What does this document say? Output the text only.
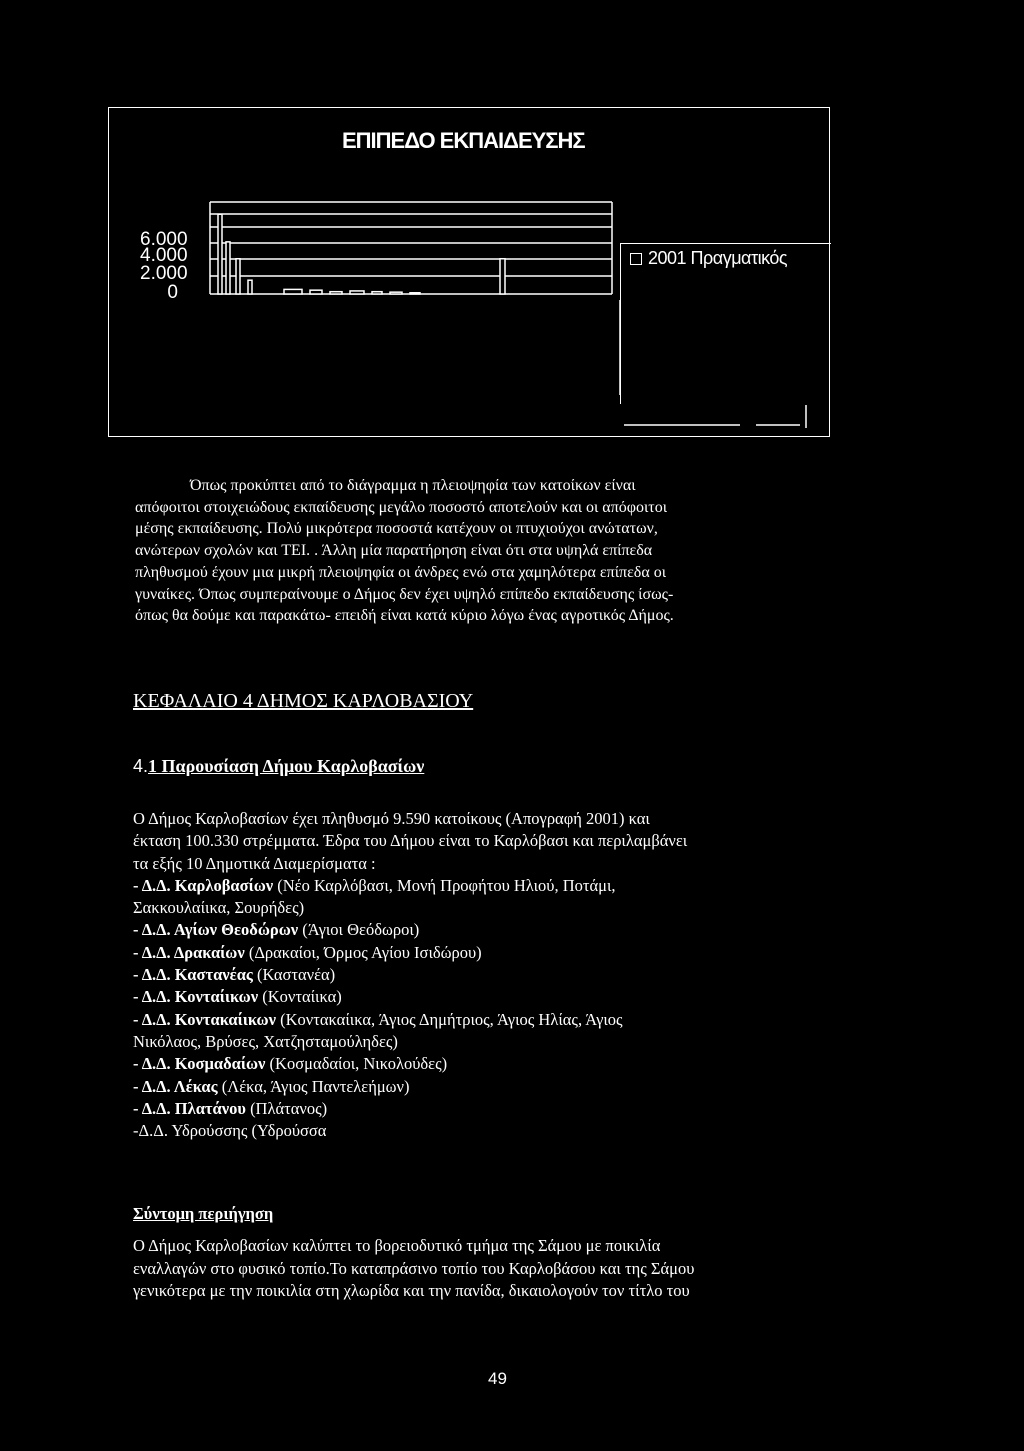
ΕΠΙΠΕΔΟ ΕΚΠΑΙΔΕΥΣΗΣ
6.000
4.000
2.000
0
2001 Πραγματικός

Όπως προκύπτει από το διάγραμμα η πλειοψηφία των κατοίκων είναι

απόφοιτοι στοιχειώδους εκπαίδευσης μεγάλο ποσοστό αποτελούν και οι απόφοιτοι

μέσης εκπαίδευσης. Πολύ μικρότερα ποσοστά κατέχουν οι πτυχιούχοι ανώτατων,

ανώτερων σχολών και ΤΕΙ. . Άλλη μία παρατήρηση είναι ότι στα υψηλά επίπεδα

πληθυσμού έχουν μια μικρή πλειοψηφία οι άνδρες ενώ στα χαμηλότερα επίπεδα οι

γυναίκες. Όπως συμπεραίνουμε ο Δήμος δεν έχει υψηλό επίπεδο εκπαίδευσης ίσως-

όπως θα δούμε και παρακάτω- επειδή είναι κατά κύριο λόγω ένας αγροτικός Δήμος.

ΚΕΦΑΛΑΙΟ 4 ΔΗΜΟΣ ΚΑΡΛΟΒΑΣΙΟΥ
4.1 Παρουσίαση Δήμου Καρλοβασίων

Ο Δήμος Καρλοβασίων έχει πληθυσμό 9.590 κατοίκους (Απογραφή 2001) και

έκταση 100.330 στρέμματα. Έδρα του Δήμου είναι το Καρλόβασι και περιλαμβάνει

τα εξής 10 Δημοτικά Διαμερίσματα :

- Δ.Δ. Καρλοβασίων (Νέο Καρλόβασι, Μονή Προφήτου Ηλιού, Ποτάμι,

Σακκουλαίικα, Σουρήδες)

- Δ.Δ. Αγίων Θεοδώρων (Άγιοι Θεόδωροι)

- Δ.Δ. Δρακαίων (Δρακαίοι, Όρμος Αγίου Ισιδώρου)

- Δ.Δ. Καστανέας (Καστανέα)

- Δ.Δ. Κονταίικων (Κονταίικα)

- Δ.Δ. Κοντακαίικων (Κοντακαίικα, Άγιος Δημήτριος, Άγιος Ηλίας, Άγιος

Νικόλαος, Βρύσες, Χατζησταμούληδες)

- Δ.Δ. Κοσμαδαίων (Κοσμαδαίοι, Νικολούδες)

- Δ.Δ. Λέκας (Λέκα, Άγιος Παντελεήμων)

- Δ.Δ. Πλατάνου (Πλάτανος)

-Δ.Δ. Υδρούσσης (Υδρούσσα

Σύντομη περιήγηση

Ο Δήμος Καρλοβασίων καλύπτει το βορειοδυτικό τμήμα της Σάμου με ποικιλία

εναλλαγών στο φυσικό τοπίο.Το καταπράσινο τοπίο του Καρλοβάσου και της Σάμου

γενικότερα με την ποικιλία στη χλωρίδα και την πανίδα, δικαιολογούν τον τίτλο του

49
